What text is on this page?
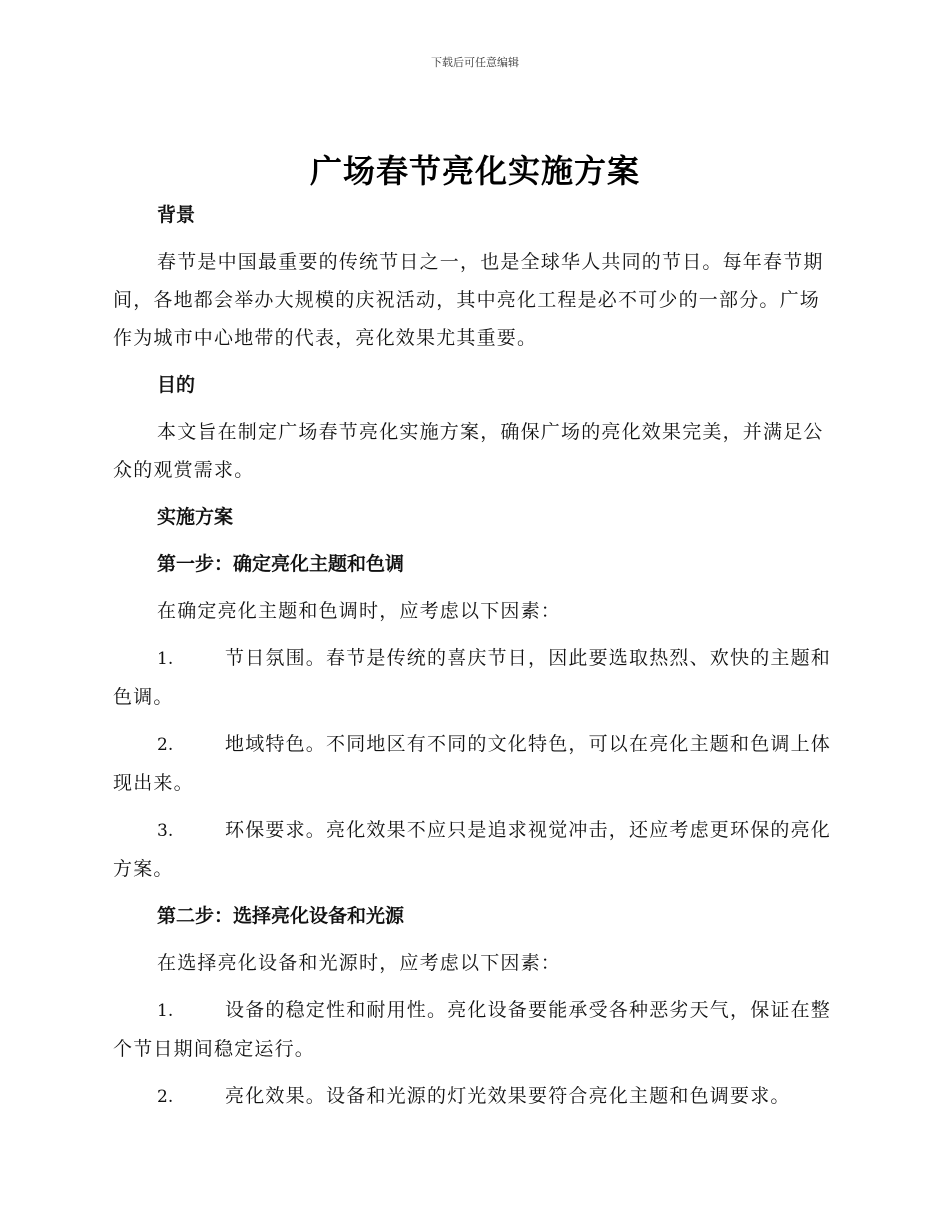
下载后可任意编辑
广场春节亮化实施方案

背景

春节是中国最重要的传统节日之一，也是全球华人共同的节日。每年春节期间，各地都会举办大规模的庆祝活动，其中亮化工程是必不可少的一部分。广场作为城市中心地带的代表，亮化效果尤其重要。

目的

本文旨在制定广场春节亮化实施方案，确保广场的亮化效果完美，并满足公众的观赏需求。

实施方案

第一步：确定亮化主题和色调

在确定亮化主题和色调时，应考虑以下因素：

1.	节日氛围。春节是传统的喜庆节日，因此要选取热烈、欢快的主题和色调。

2.	地域特色。不同地区有不同的文化特色，可以在亮化主题和色调上体现出来。

3.	环保要求。亮化效果不应只是追求视觉冲击，还应考虑更环保的亮化方案。

第二步：选择亮化设备和光源

在选择亮化设备和光源时，应考虑以下因素：

1.	设备的稳定性和耐用性。亮化设备要能承受各种恶劣天气，保证在整个节日期间稳定运行。

2.	亮化效果。设备和光源的灯光效果要符合亮化主题和色调要求。
